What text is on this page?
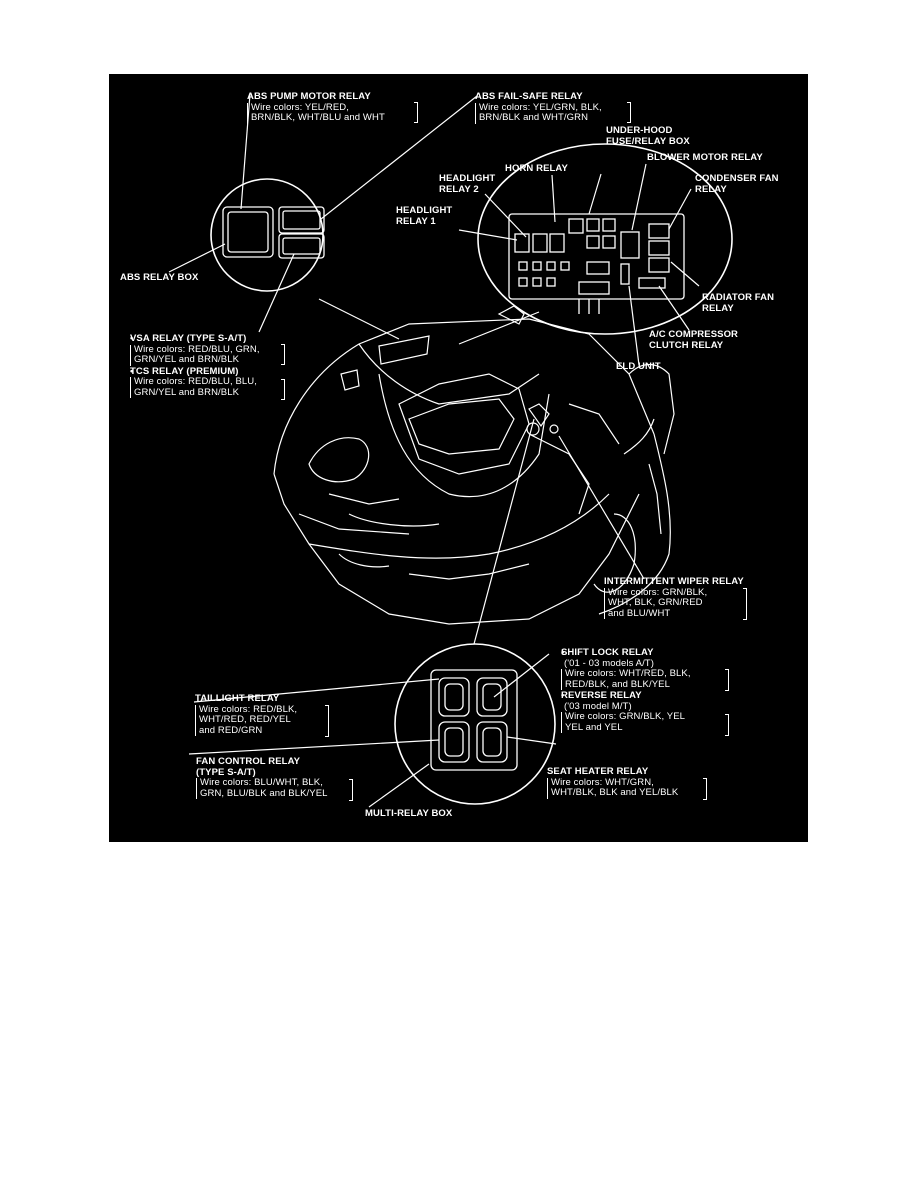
ABS PUMP MOTOR RELAY
Wire colors: YEL/RED,
BRN/BLK, WHT/BLU and WHT
ABS FAIL-SAFE RELAY
Wire colors: YEL/GRN, BLK,
BRN/BLK and WHT/GRN
UNDER-HOOD
FUSE/RELAY BOX
HORN RELAY
BLOWER MOTOR RELAY
HEADLIGHT
RELAY 2
CONDENSER FAN
RELAY
HEADLIGHT
RELAY 1
ABS RELAY BOX
RADIATOR FAN
RELAY
A/C COMPRESSOR
CLUTCH RELAY
ELD UNIT
• VSA RELAY (TYPE S-A/T)
Wire colors: RED/BLU, GRN,
GRN/YEL and BRN/BLK
• TCS RELAY (PREMIUM)
Wire colors: RED/BLU, BLU,
GRN/YEL and BRN/BLK
INTERMITTENT WIPER RELAY
Wire colors: GRN/BLK,
WHT, BLK, GRN/RED
and BLU/WHT
• SHIFT LOCK RELAY
('01 - 03 models A/T)
Wire colors: WHT/RED, BLK,
RED/BLK, and BLK/YEL
• REVERSE RELAY
('03 model M/T)
Wire colors: GRN/BLK, YEL
YEL and YEL
TAILLIGHT RELAY
Wire colors: RED/BLK,
WHT/RED, RED/YEL
and RED/GRN
FAN CONTROL RELAY
(TYPE S-A/T)
Wire colors: BLU/WHT, BLK,
GRN, BLU/BLK and BLK/YEL
SEAT HEATER RELAY
Wire colors: WHT/GRN,
WHT/BLK, BLK and YEL/BLK
MULTI-RELAY BOX
